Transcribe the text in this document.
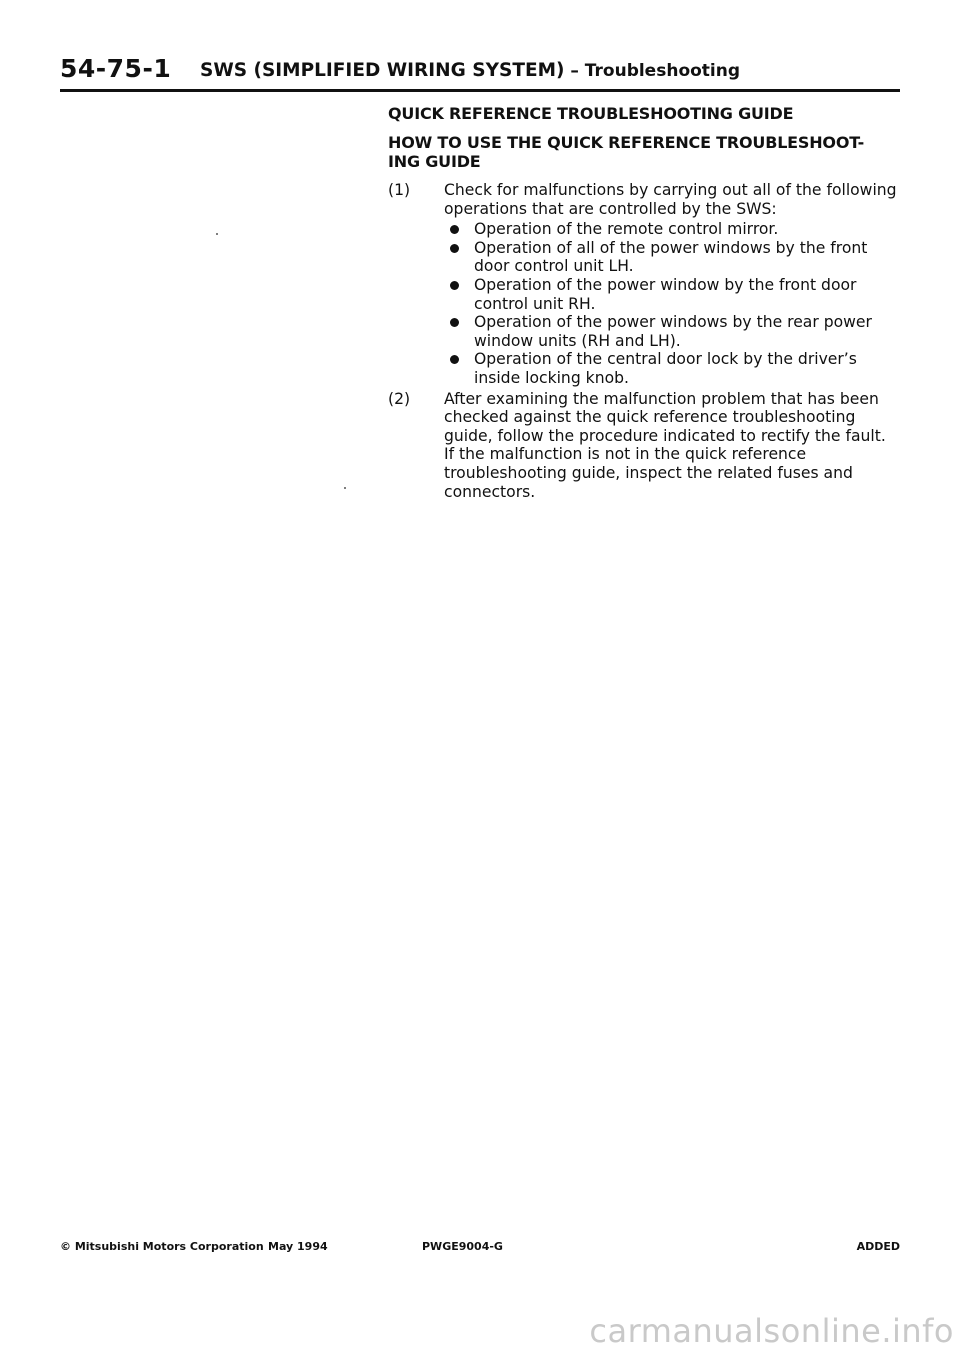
54-75-1 SWS (SIMPLIFIED WIRING SYSTEM) – Troubleshooting
QUICK REFERENCE TROUBLESHOOTING GUIDE
HOW TO USE THE QUICK REFERENCE TROUBLESHOOT-
ING GUIDE
(1)	Check for malfunctions by carrying out all of the following operations that are controlled by the SWS:
Operation of the remote control mirror.
Operation of all of the power windows by the front door control unit LH.
Operation of the power window by the front door control unit RH.
Operation of the power windows by the rear power window units (RH and LH).
Operation of the central door lock by the driver’s inside locking knob.
(2)	After examining the malfunction problem that has been checked against the quick reference troubleshooting guide, follow the procedure indicated to rectify the fault.
If the malfunction is not in the quick reference troubleshooting guide, inspect the related fuses and connectors.
© Mitsubishi Motors Corporation May 1994	PWGE9004-G	ADDED
carmanualsonline.info
